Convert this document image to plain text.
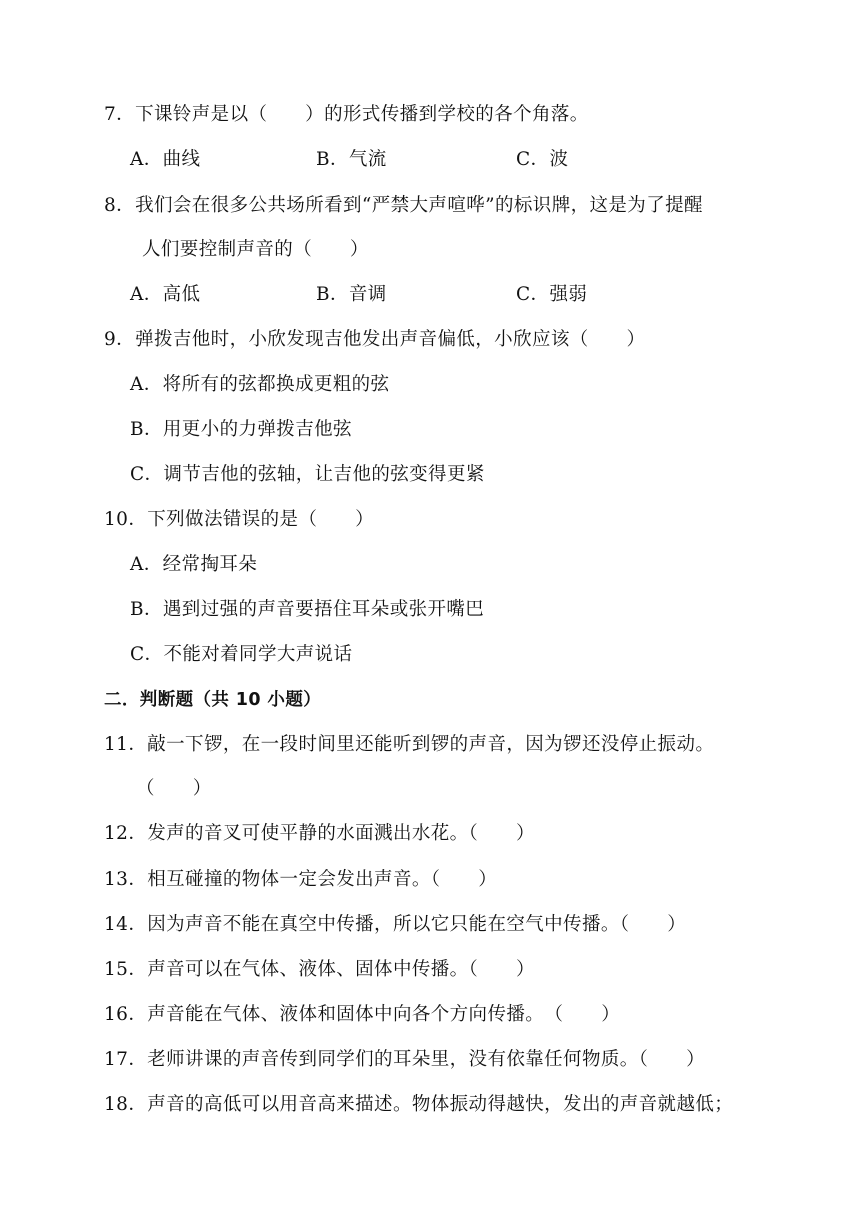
7．下课铃声是以（　　）的形式传播到学校的各个角落。
A．曲线	B．气流	C．波
8．我们会在很多公共场所看到“严禁大声喧哗”的标识牌，这是为了提醒
人们要控制声音的（　　）
A．高低	B．音调	C．强弱
9．弹拨吉他时，小欣发现吉他发出声音偏低，小欣应该（　　）
A．将所有的弦都换成更粗的弦
B．用更小的力弹拨吉他弦
C．调节吉他的弦轴，让吉他的弦变得更紧
10．下列做法错误的是（　　）
A．经常掏耳朵
B．遇到过强的声音要捂住耳朵或张开嘴巴
C．不能对着同学大声说话
二．判断题（共 10 小题）
11．敲一下锣，在一段时间里还能听到锣的声音，因为锣还没停止振动。
（　　）
12．发声的音叉可使平静的水面溅出水花。（　　）
13．相互碰撞的物体一定会发出声音。（　　）
14．因为声音不能在真空中传播，所以它只能在空气中传播。（　　）
15．声音可以在气体、液体、固体中传播。（　　）
16．声音能在气体、液体和固体中向各个方向传播。　（　　）
17．老师讲课的声音传到同学们的耳朵里，没有依靠任何物质。（　　）
18．声音的高低可以用音高来描述。物体振动得越快，发出的声音就越低；
